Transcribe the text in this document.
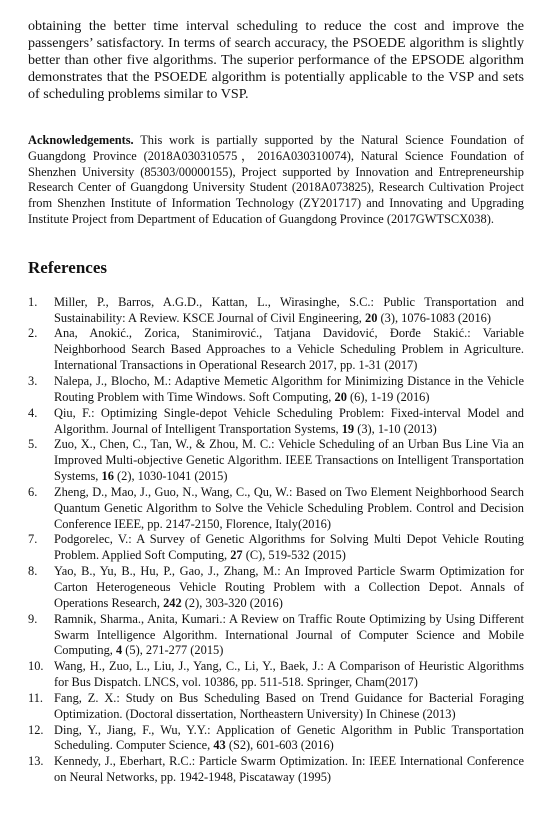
obtaining the better time interval scheduling to reduce the cost and improve the passengers’ satisfactory. In terms of search accuracy, the PSOEDE algorithm is slightly better than other five algorithms. The superior performance of the EPSODE algorithm demonstrates that the PSOEDE algorithm is potentially applicable to the VSP and sets of scheduling problems similar to VSP.

Acknowledgements. This work is partially supported by the Natural Science Foundation of Guangdong Province (2018A030310575，2016A030310074), Natural Science Foundation of Shenzhen University (85303/00000155), Project supported by Innovation and Entrepreneurship Research Center of Guangdong University Student (2018A073825), Research Cultivation Project from Shenzhen Institute of Information Technology (ZY201717) and Innovating and Upgrading Institute Project from Department of Education of Guangdong Province (2017GWTSCX038).

References
1.	Miller, P., Barros, A.G.D., Kattan, L., Wirasinghe, S.C.: Public Transportation and Sustainability: A Review. KSCE Journal of Civil Engineering, 20 (3), 1076-1083 (2016)
2.	Ana, Anokić., Zorica, Stanimirović., Tatjana Davidović, Đorđe Stakić.: Variable Neighborhood Search Based Approaches to a Vehicle Scheduling Problem in Agriculture. International Transactions in Operational Research 2017, pp. 1-31 (2017)
3.	Nalepa, J., Blocho, M.: Adaptive Memetic Algorithm for Minimizing Distance in the Vehicle Routing Problem with Time Windows. Soft Computing, 20 (6), 1-19 (2016)
4.	Qiu, F.: Optimizing Single-depot Vehicle Scheduling Problem: Fixed-interval Model and Algorithm. Journal of Intelligent Transportation Systems, 19 (3), 1-10 (2013)
5.	Zuo, X., Chen, C., Tan, W., & Zhou, M. C.: Vehicle Scheduling of an Urban Bus Line Via an Improved Multi-objective Genetic Algorithm. IEEE Transactions on Intelligent Transportation Systems, 16 (2), 1030-1041 (2015)
6.	Zheng, D., Mao, J., Guo, N., Wang, C., Qu, W.: Based on Two Element Neighborhood Search Quantum Genetic Algorithm to Solve the Vehicle Scheduling Problem. Control and Decision Conference IEEE, pp. 2147-2150, Florence, Italy(2016)
7.	Podgorelec, V.: A Survey of Genetic Algorithms for Solving Multi Depot Vehicle Routing Problem. Applied Soft Computing, 27 (C), 519-532 (2015)
8.	Yao, B., Yu, B., Hu, P., Gao, J., Zhang, M.: An Improved Particle Swarm Optimization for Carton Heterogeneous Vehicle Routing Problem with a Collection Depot. Annals of Operations Research, 242 (2), 303-320 (2016)
9.	Ramnik, Sharma., Anita, Kumari.: A Review on Traffic Route Optimizing by Using Different Swarm Intelligence Algorithm. International Journal of Computer Science and Mobile Computing, 4 (5), 271-277 (2015)
10. Wang, H., Zuo, L., Liu, J., Yang, C., Li, Y., Baek, J.: A Comparison of Heuristic Algorithms for Bus Dispatch. LNCS, vol. 10386, pp. 511-518. Springer, Cham(2017)
11. Fang, Z. X.: Study on Bus Scheduling Based on Trend Guidance for Bacterial Foraging Optimization. (Doctoral dissertation, Northeastern University) In Chinese (2013)
12. Ding, Y., Jiang, F., Wu, Y.Y.: Application of Genetic Algorithm in Public Transportation Scheduling. Computer Science, 43 (S2), 601-603 (2016)
13. Kennedy, J., Eberhart, R.C.: Particle Swarm Optimization. In: IEEE International Conference on Neural Networks, pp. 1942-1948, Piscataway (1995)
